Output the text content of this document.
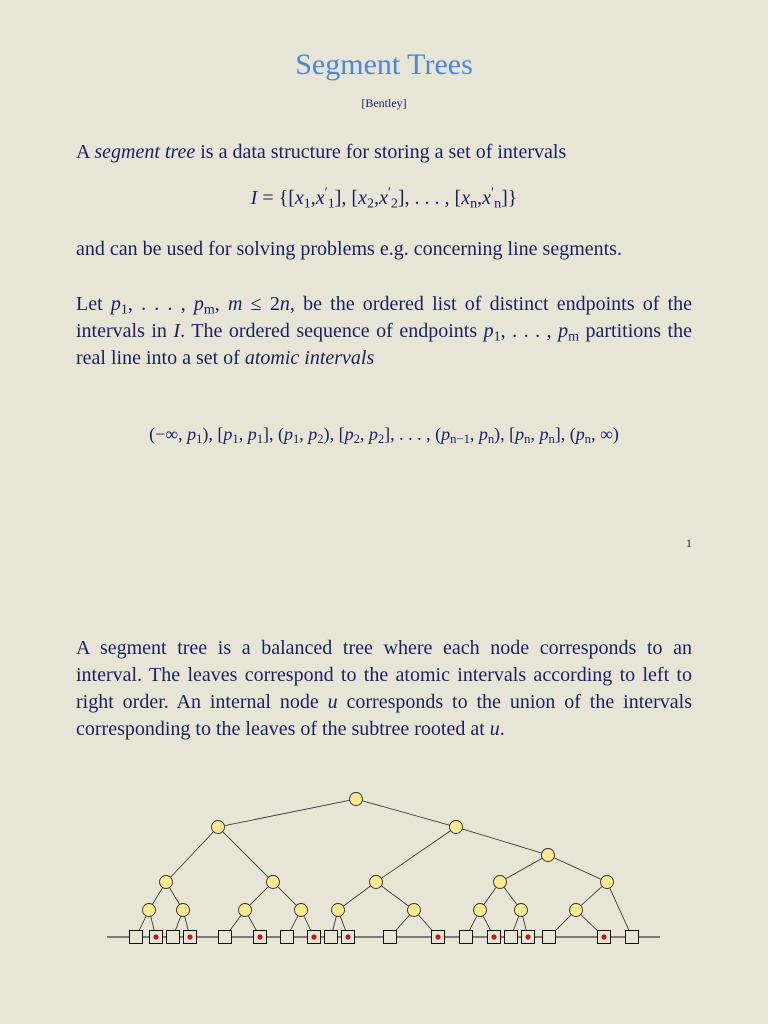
Segment Trees
[Bentley]
A segment tree is a data structure for storing a set of intervals
$I = \{[x_1,x'_1]$, $[x_2,x'_2]$, . . . , $[x_n,x'_n]$}
and can be used for solving problems e.g. concerning line segments.
Let $p_1$, . . . , $p_m$, m ≤ 2n, be the ordered list of distinct endpoints of the intervals in I. The ordered sequence of endpoints $p_1$, . . . , $p_m$ partitions the real line into a set of atomic intervals
(−∞, $p_1$), [$p_1$, $p_1$], ($p_1$, $p_2$), [$p_2$, $p_2$], . . . , ($p_{n-1}$, $p_n$), [$p_n$, $p_n$], ($p_n$, ∞)
1
A segment tree is a balanced tree where each node corresponds to an interval. The leaves correspond to the atomic intervals according to left to right order. An internal node u corresponds to the union of the intervals corresponding to the leaves of the subtree rooted at u.
